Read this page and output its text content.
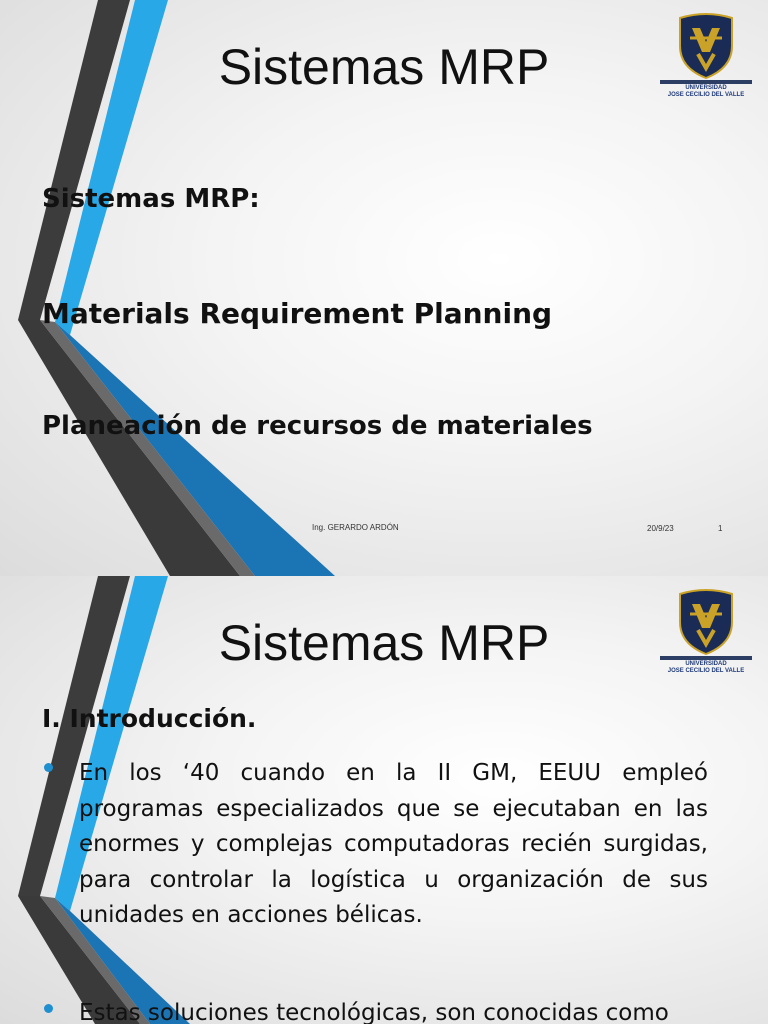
Sistemas MRP	UNIVERSIDAD
JOSE CECILIO DEL VALLE
Sistemas MRP:
Materials Requirement Planning
Planeación de recursos de materiales
Ing. GERARDO ARDÓN	20/9/23	1
Sistemas MRP	UNIVERSIDAD
JOSE CECILIO DEL VALLE
I. Introducción.
En los ‘40 cuando en la II GM, EEUU empleó programas especializados que se ejecutaban en las enormes y complejas computadoras recién surgidas, para controlar la logística u organización de sus unidades en acciones bélicas.
Estas soluciones tecnológicas, son conocidas como
